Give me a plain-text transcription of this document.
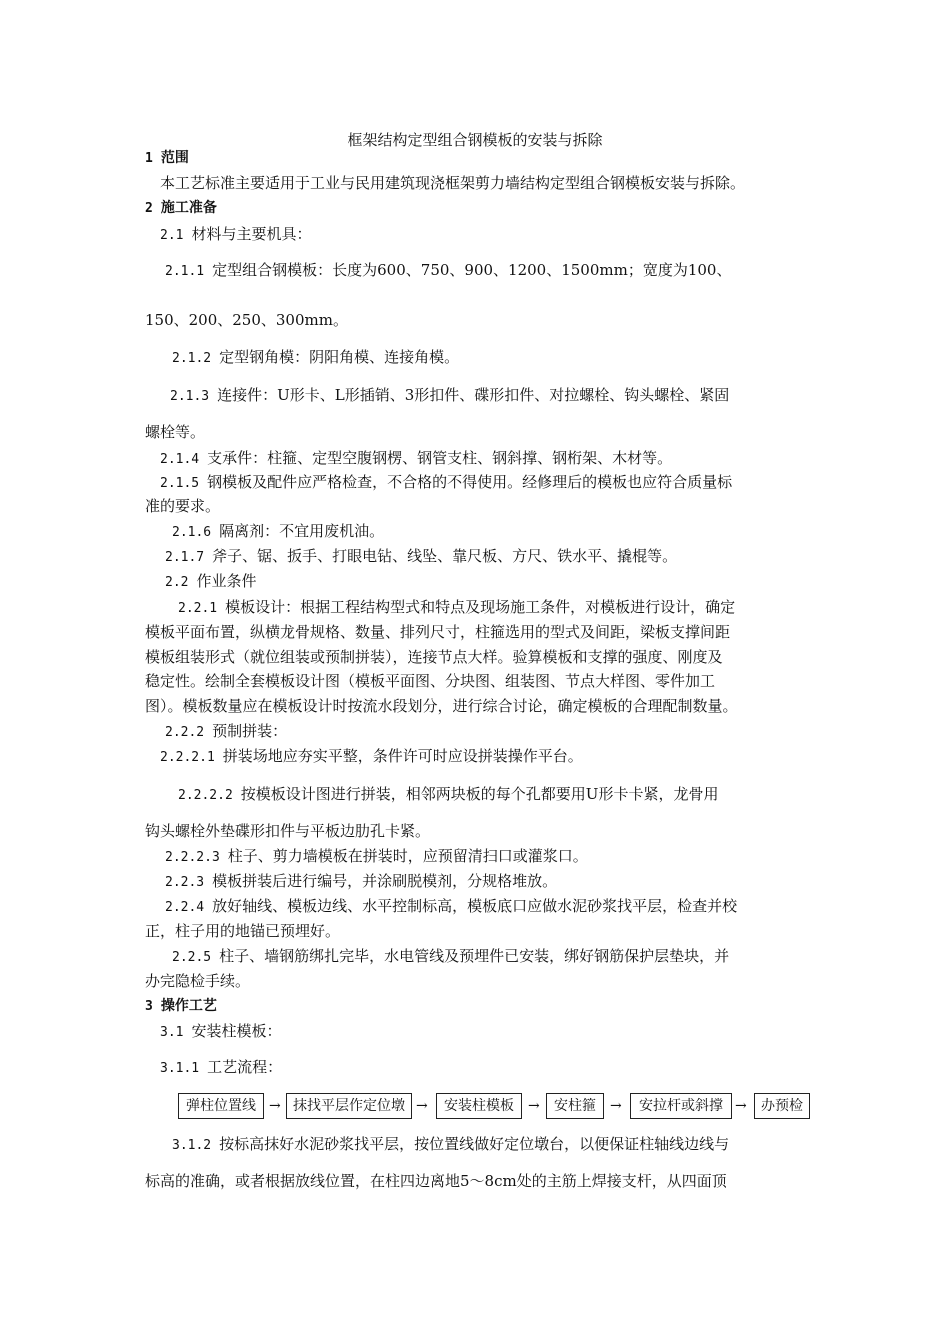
框架结构定型组合钢模板的安装与拆除
1 范围
本工艺标准主要适用于工业与民用建筑现浇框架剪力墙结构定型组合钢模板安装与拆除。
2 施工准备
2.1 材料与主要机具：
2.1.1 定型组合钢模板：长度为600、750、900、1200、1500mm；宽度为100、
150、200、250、300mm。
2.1.2 定型钢角模：阴阳角模、连接角模。
2.1.3 连接件：U形卡、L形插销、3形扣件、碟形扣件、对拉螺栓、钩头螺栓、紧固
螺栓等。
2.1.4 支承件：柱箍、定型空腹钢楞、钢管支柱、钢斜撑、钢桁架、木材等。
2.1.5 钢模板及配件应严格检查，不合格的不得使用。经修理后的模板也应符合质量标
准的要求。
2.1.6 隔离剂：不宜用废机油。
2.1.7 斧子、锯、扳手、打眼电钻、线坠、靠尺板、方尺、铁水平、撬棍等。
2.2 作业条件
2.2.1 模板设计：根据工程结构型式和特点及现场施工条件，对模板进行设计，确定
模板平面布置，纵横龙骨规格、数量、排列尺寸，柱箍选用的型式及间距，梁板支撑间距
模板组装形式（就位组装或预制拼装），连接节点大样。验算模板和支撑的强度、刚度及
稳定性。绘制全套模板设计图（模板平面图、分块图、组装图、节点大样图、零件加工
图）。模板数量应在模板设计时按流水段划分，进行综合讨论，确定模板的合理配制数量。
2.2.2 预制拼装：
2.2.2.1 拼装场地应夯实平整，条件许可时应设拼装操作平台。
2.2.2.2 按模板设计图进行拼装，相邻两块板的每个孔都要用U形卡卡紧，龙骨用
钩头螺栓外垫碟形扣件与平板边肋孔卡紧。
2.2.2.3 柱子、剪力墙模板在拼装时，应预留清扫口或灌浆口。
2.2.3 模板拼装后进行编号，并涂刷脱模剂，分规格堆放。
2.2.4 放好轴线、模板边线、水平控制标高，模板底口应做水泥砂浆找平层，检查并校
正，柱子用的地锚已预埋好。
2.2.5 柱子、墙钢筋绑扎完毕，水电管线及预埋件已安装，绑好钢筋保护层垫块，并
办完隐检手续。
3 操作工艺
3.1 安装柱模板：
3.1.1 工艺流程：
弹柱位置线 → 抹找平层作定位墩 →	安装柱模板	→	安柱箍	→	安拉杆或斜撑 →	办预检
3.1.2 按标高抹好水泥砂浆找平层，按位置线做好定位墩台，以便保证柱轴线边线与
标高的准确，或者根据放线位置，在柱四边离地5～8cm处的主筋上焊接支杆，从四面顶
